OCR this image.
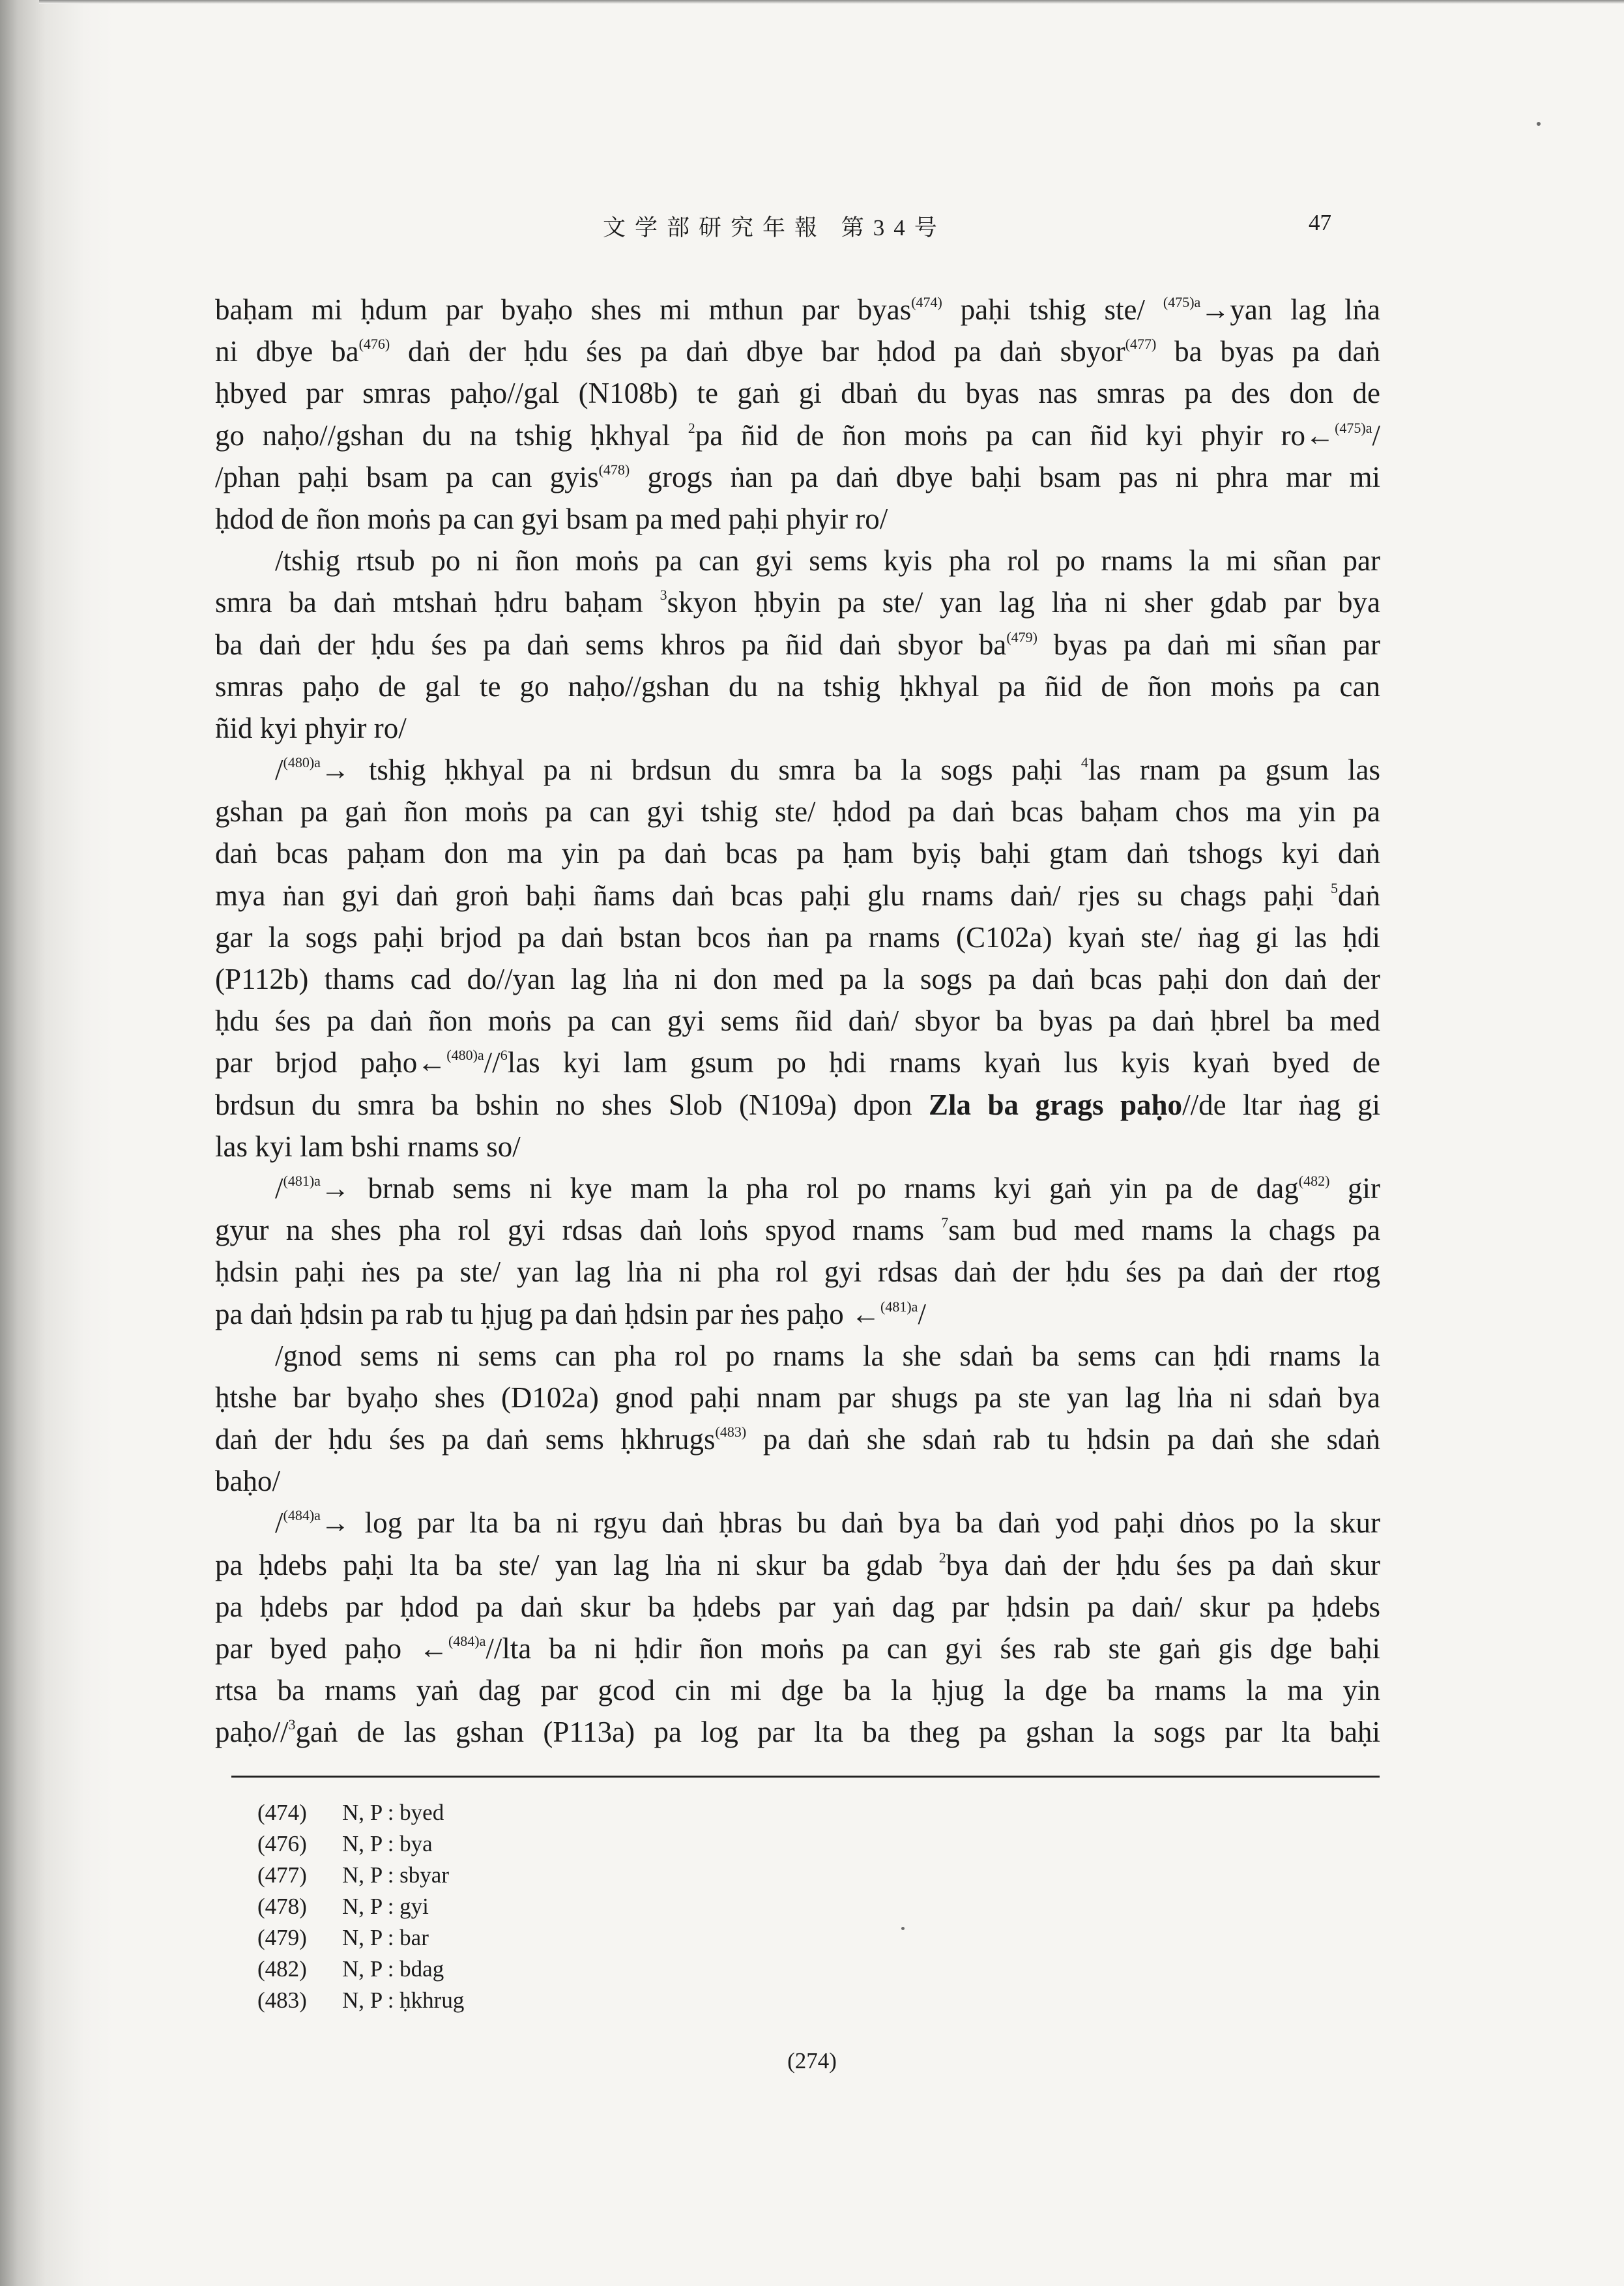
文学部研究年報 第34号	47
baḥam mi ḥdum par byaḥo shes mi mthun par byas$^{(474)}$ paḥi tshig ste/ $^{(475)a}$→yan lag lṅa
ni dbye $ba^{(476)}$ daṅ der ḥdu śes pa daṅ dbye bar ḥdod pa daṅ sbyor$^{(477)}$ ba byas pa daṅ
ḥbyed par smras paḥo//gal (N108b) te gaṅ gi dbaṅ du byas nas smras pa des don de
go naḥo//gshan du na tshig ḥkhyal $^2$pa ñid de ñon moṅs pa can ñid kyi phyir ro←$^{(475)a}$/
/phan paḥi bsam pa can gyis$^{(478)}$ grogs ṅan pa daṅ dbye baḥi bsam pas ni phra mar mi
ḥdod de ñon moṅs pa can gyi bsam pa med paḥi phyir ro/
/tshig rtsub po ni ñon moṅs pa can gyi sems kyis pha rol po rnams la mi sñan par
smra ba daṅ mtshaṅ ḥdru baḥam $^3$skyon ḥbyin pa ste/ yan lag lṅa ni sher gdab par bya
ba daṅ der ḥdu śes pa daṅ sems khros pa ñid daṅ sbyor $ba^{(479)}$ byas pa daṅ mi sñan par
smras paḥo de gal te go naḥo//gshan du na tshig ḥkhyal pa ñid de ñon moṅs pa can
ñid kyi phyir ro/
/$^{(480)a}$→ tshig ḥkhyal pa ni brdsun du smra ba la sogs paḥi $^4$las rnam pa gsum las
gshan pa gaṅ ñon moṅs pa can gyi tshig ste/ ḥdod pa daṅ bcas baḥam chos ma yin pa
daṅ bcas paḥam don ma yin pa daṅ bcas pa ḥam byiṣ baḥi gtam daṅ tshogs kyi daṅ
mya ṅan gyi daṅ groṅ baḥi ñams daṅ bcas paḥi glu rnams daṅ/ rjes su chags paḥi $^5$daṅ
gar la sogs paḥi brjod pa daṅ bstan bcos ṅan pa rnams (C102a) kyaṅ ste/ ṅag gi las ḥdi
(P112b) thams cad do//yan lag lṅa ni don med pa la sogs pa daṅ bcas paḥi don daṅ der
ḥdu śes pa daṅ ñon moṅs pa can gyi sems ñid daṅ/ sbyor ba byas pa daṅ ḥbrel ba med
par brjod paḥo←$^{(480)a}$//$^6$las kyi lam gsum po ḥdi rnams kyaṅ lus kyis kyaṅ byed de
brdsun du smra ba bshin no shes Slob (N109a) dpon Zla ba grags paḥo//de ltar ṅag gi
las kyi lam bshi rnams so/
/$^{(481)a}$→ brnab sems ni kye mam la pha rol po rnams kyi gaṅ yin pa de dag$^{(482)}$ gir
gyur na shes pha rol gyi rdsas daṅ loṅs spyod rnams $^7$sam bud med rnams la chags pa
ḥdsin paḥi ṅes pa ste/ yan lag lṅa ni pha rol gyi rdsas daṅ der ḥdu śes pa daṅ der rtog
pa daṅ ḥdsin pa rab tu ḥjug pa daṅ ḥdsin par ṅes paḥo ←$^{(481)a}$/
/gnod sems ni sems can pha rol po rnams la she sdaṅ ba sems can ḥdi rnams la
ḥtshe bar byaḥo shes (D102a) gnod paḥi nnam par shugs pa ste yan lag lṅa ni sdaṅ bya
daṅ der ḥdu śes pa daṅ sems ḥkhrugs$^{(483)}$ pa daṅ she sdaṅ rab tu ḥdsin pa daṅ she sdaṅ
baḥo/
/$^{(484)a}$→ log par lta ba ni rgyu daṅ ḥbras bu daṅ bya ba daṅ yod paḥi dṅos po la skur
pa ḥdebs paḥi lta ba ste/ yan lag lṅa ni skur ba gdab $^2$bya daṅ der ḥdu śes pa daṅ skur
pa ḥdebs par ḥdod pa daṅ skur ba ḥdebs par yaṅ dag par ḥdsin pa daṅ/ skur pa ḥdebs
par byed paḥo ←$^{(484)a}$//lta ba ni ḥdir ñon moṅs pa can gyi śes rab ste gaṅ gis dge baḥi
rtsa ba rnams yaṅ dag par gcod cin mi dge ba la ḥjug la dge ba rnams la ma yin
paḥo//$^3$gaṅ de las gshan (P113a) pa log par lta ba theg pa gshan la sogs par lta baḥi
(474) N, P : byed
(476) N, P : bya
(477) N, P : sbyar
(478) N, P : gyi
(479) N, P : bar
(482) N, P : bdag
(483) N, P : ḥkhrug
(274)
